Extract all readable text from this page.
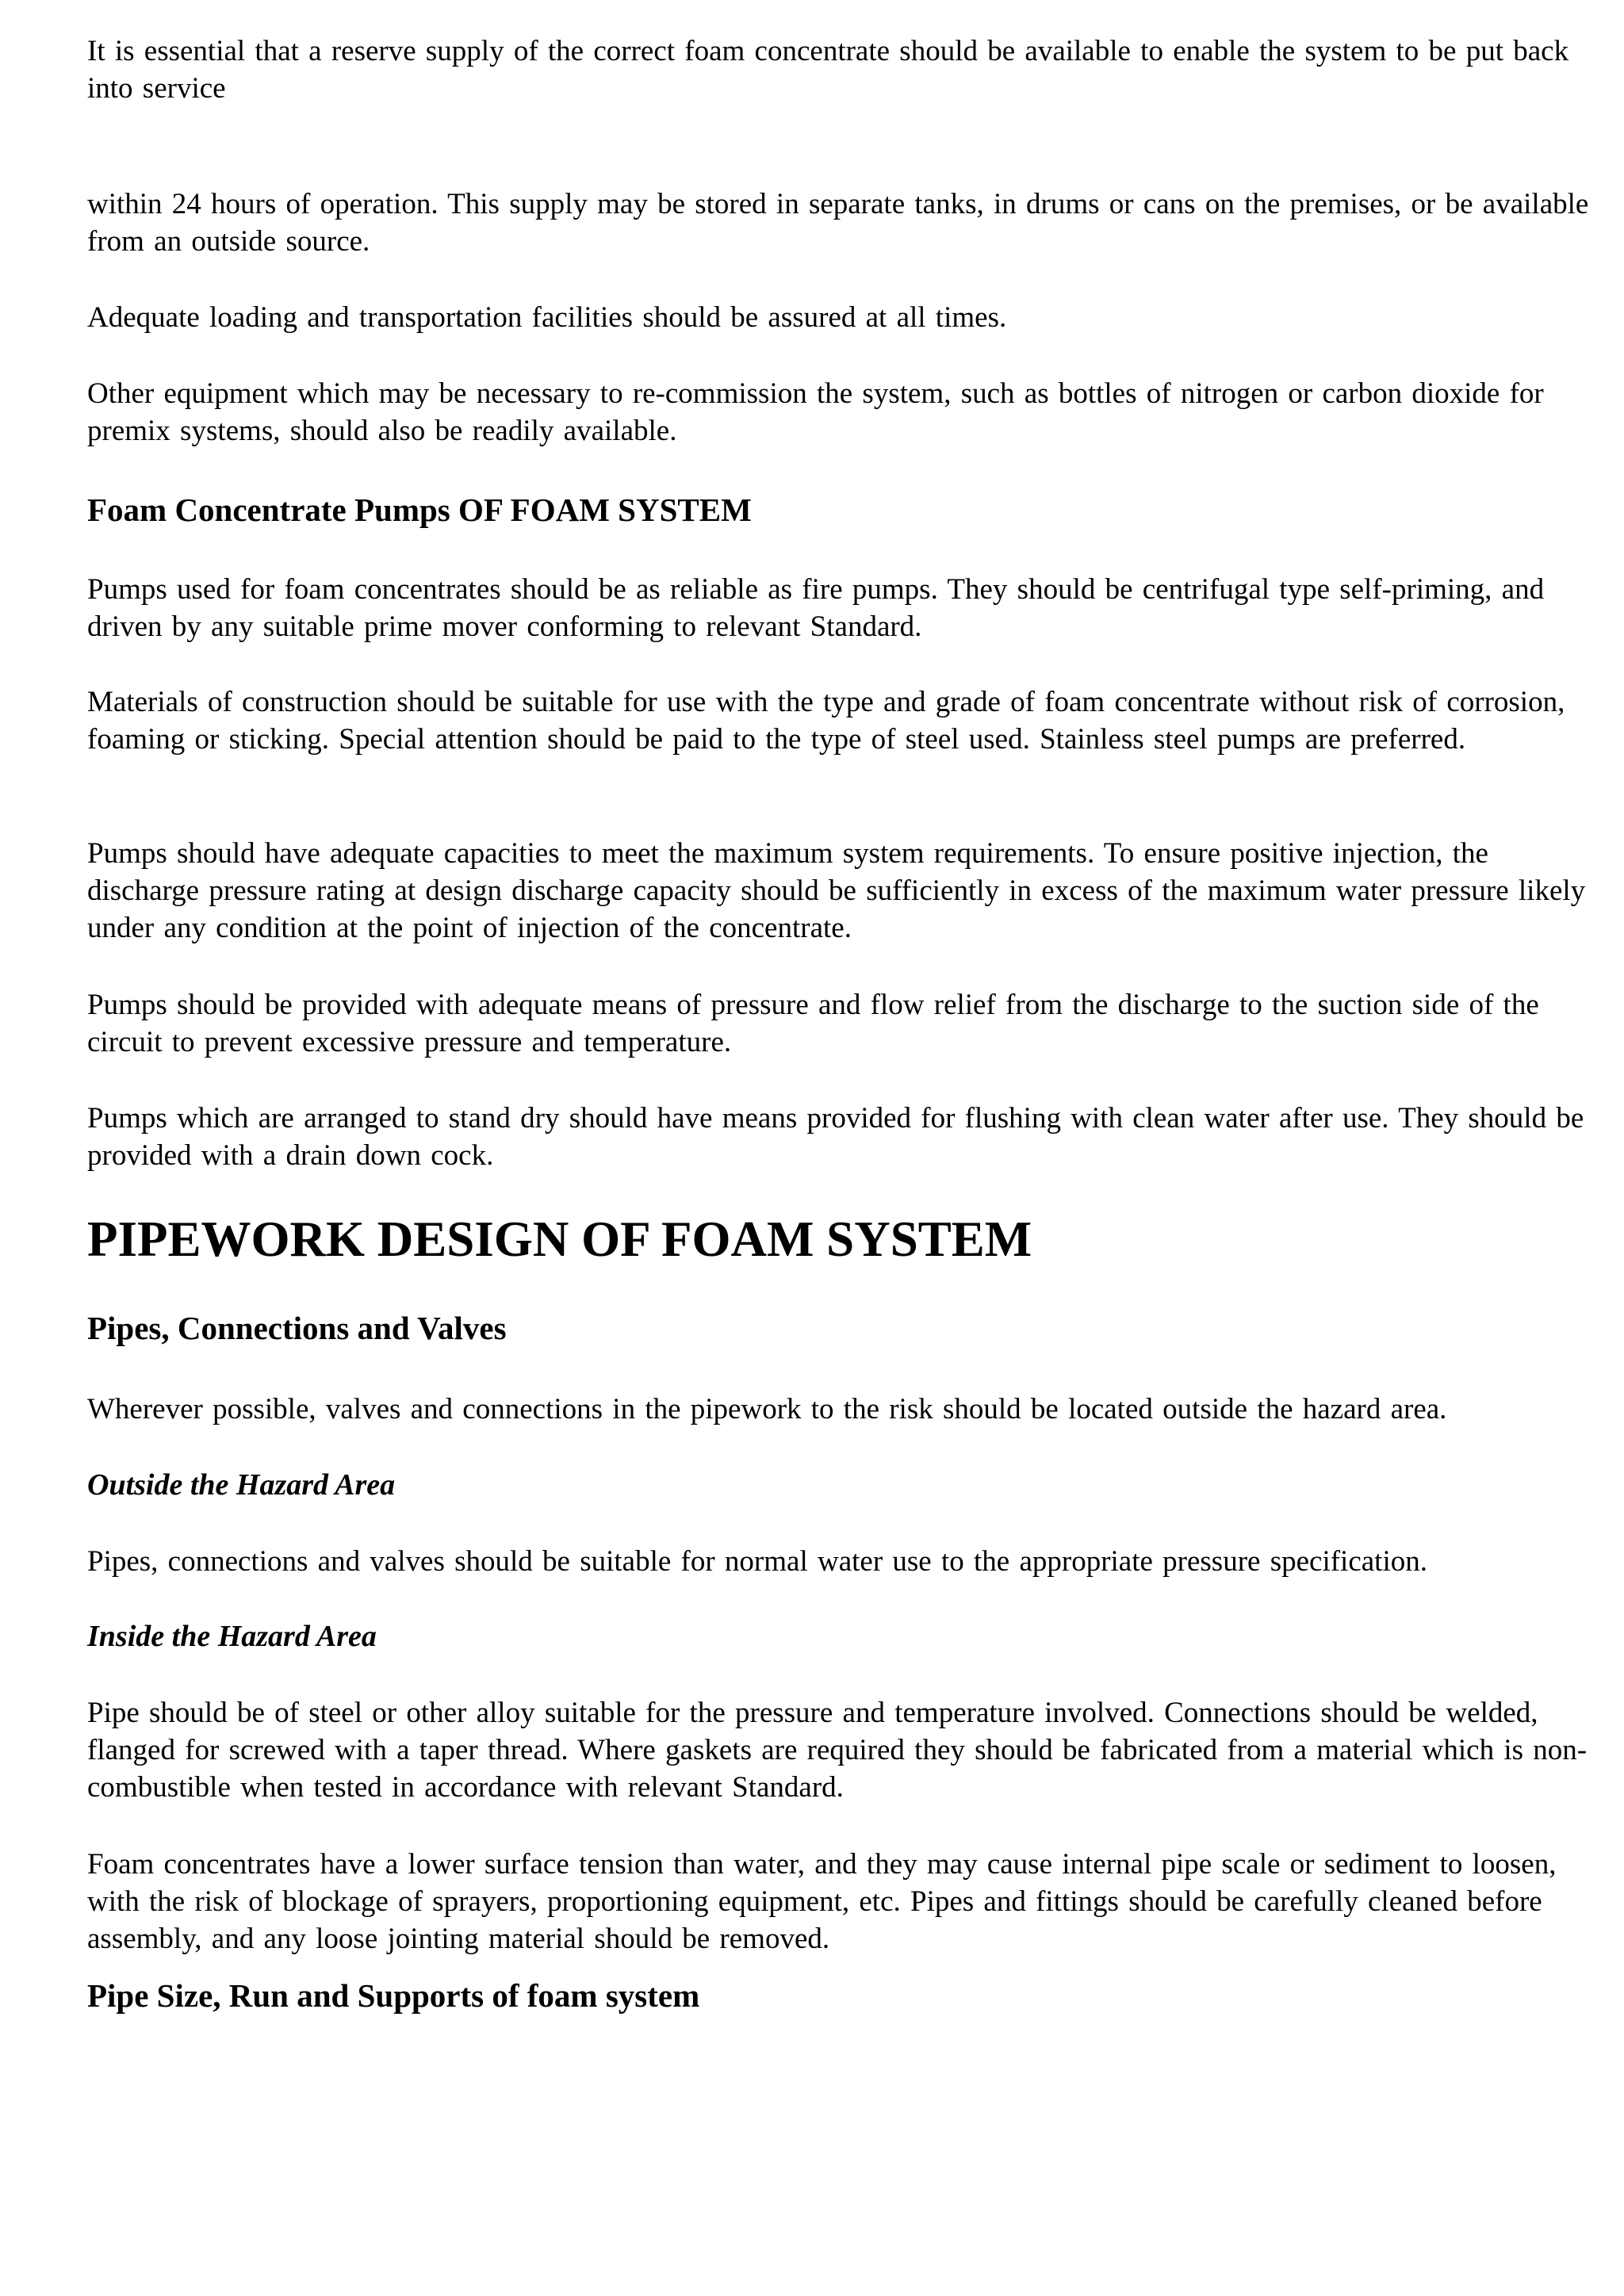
It is essential that a reserve supply of the correct foam concentrate should be available to enable the system to be put back into service

within 24 hours of operation. This supply may be stored in separate tanks, in drums or cans on the premises, or be available from an outside source.

Adequate loading and transportation facilities should be assured at all times.

Other equipment which may be necessary to re-commission the system, such as bottles of nitrogen or carbon dioxide for premix systems, should also be readily available.

Foam Concentrate Pumps OF FOAM SYSTEM

Pumps used for foam concentrates should be as reliable as fire pumps. They should be centrifugal type self-priming, and driven by any suitable prime mover conforming to relevant Standard.

Materials of construction should be suitable for use with the type and grade of foam concentrate without risk of corrosion, foaming or sticking. Special attention should be paid to the type of steel used. Stainless steel pumps are preferred.

Pumps should have adequate capacities to meet the maximum system requirements. To ensure positive injection, the discharge pressure rating at design discharge capacity should be sufficiently in excess of the maximum water pressure likely under any condition at the point of injection of the concentrate.

Pumps should be provided with adequate means of pressure and flow relief from the discharge to the suction side of the circuit to prevent excessive pressure and temperature.

Pumps which are arranged to stand dry should have means provided for flushing with clean water after use. They should be provided with a drain down cock.

PIPEWORK DESIGN OF FOAM SYSTEM
Pipes, Connections and Valves

Wherever possible, valves and connections in the pipework to the risk should be located outside the hazard area.

Outside the Hazard Area

Pipes, connections and valves should be suitable for normal water use to the appropriate pressure specification.

Inside the Hazard Area

Pipe should be of steel or other alloy suitable for the pressure and temperature involved. Connections should be welded, flanged for screwed with a taper thread. Where gaskets are required they should be fabricated from a material which is non-combustible when tested in accordance with relevant Standard.

Foam concentrates have a lower surface tension than water, and they may cause internal pipe scale or sediment to loosen, with the risk of blockage of sprayers, proportioning equipment, etc. Pipes and fittings should be carefully cleaned before assembly, and any loose jointing material should be removed.

Pipe Size, Run and Supports of foam system
